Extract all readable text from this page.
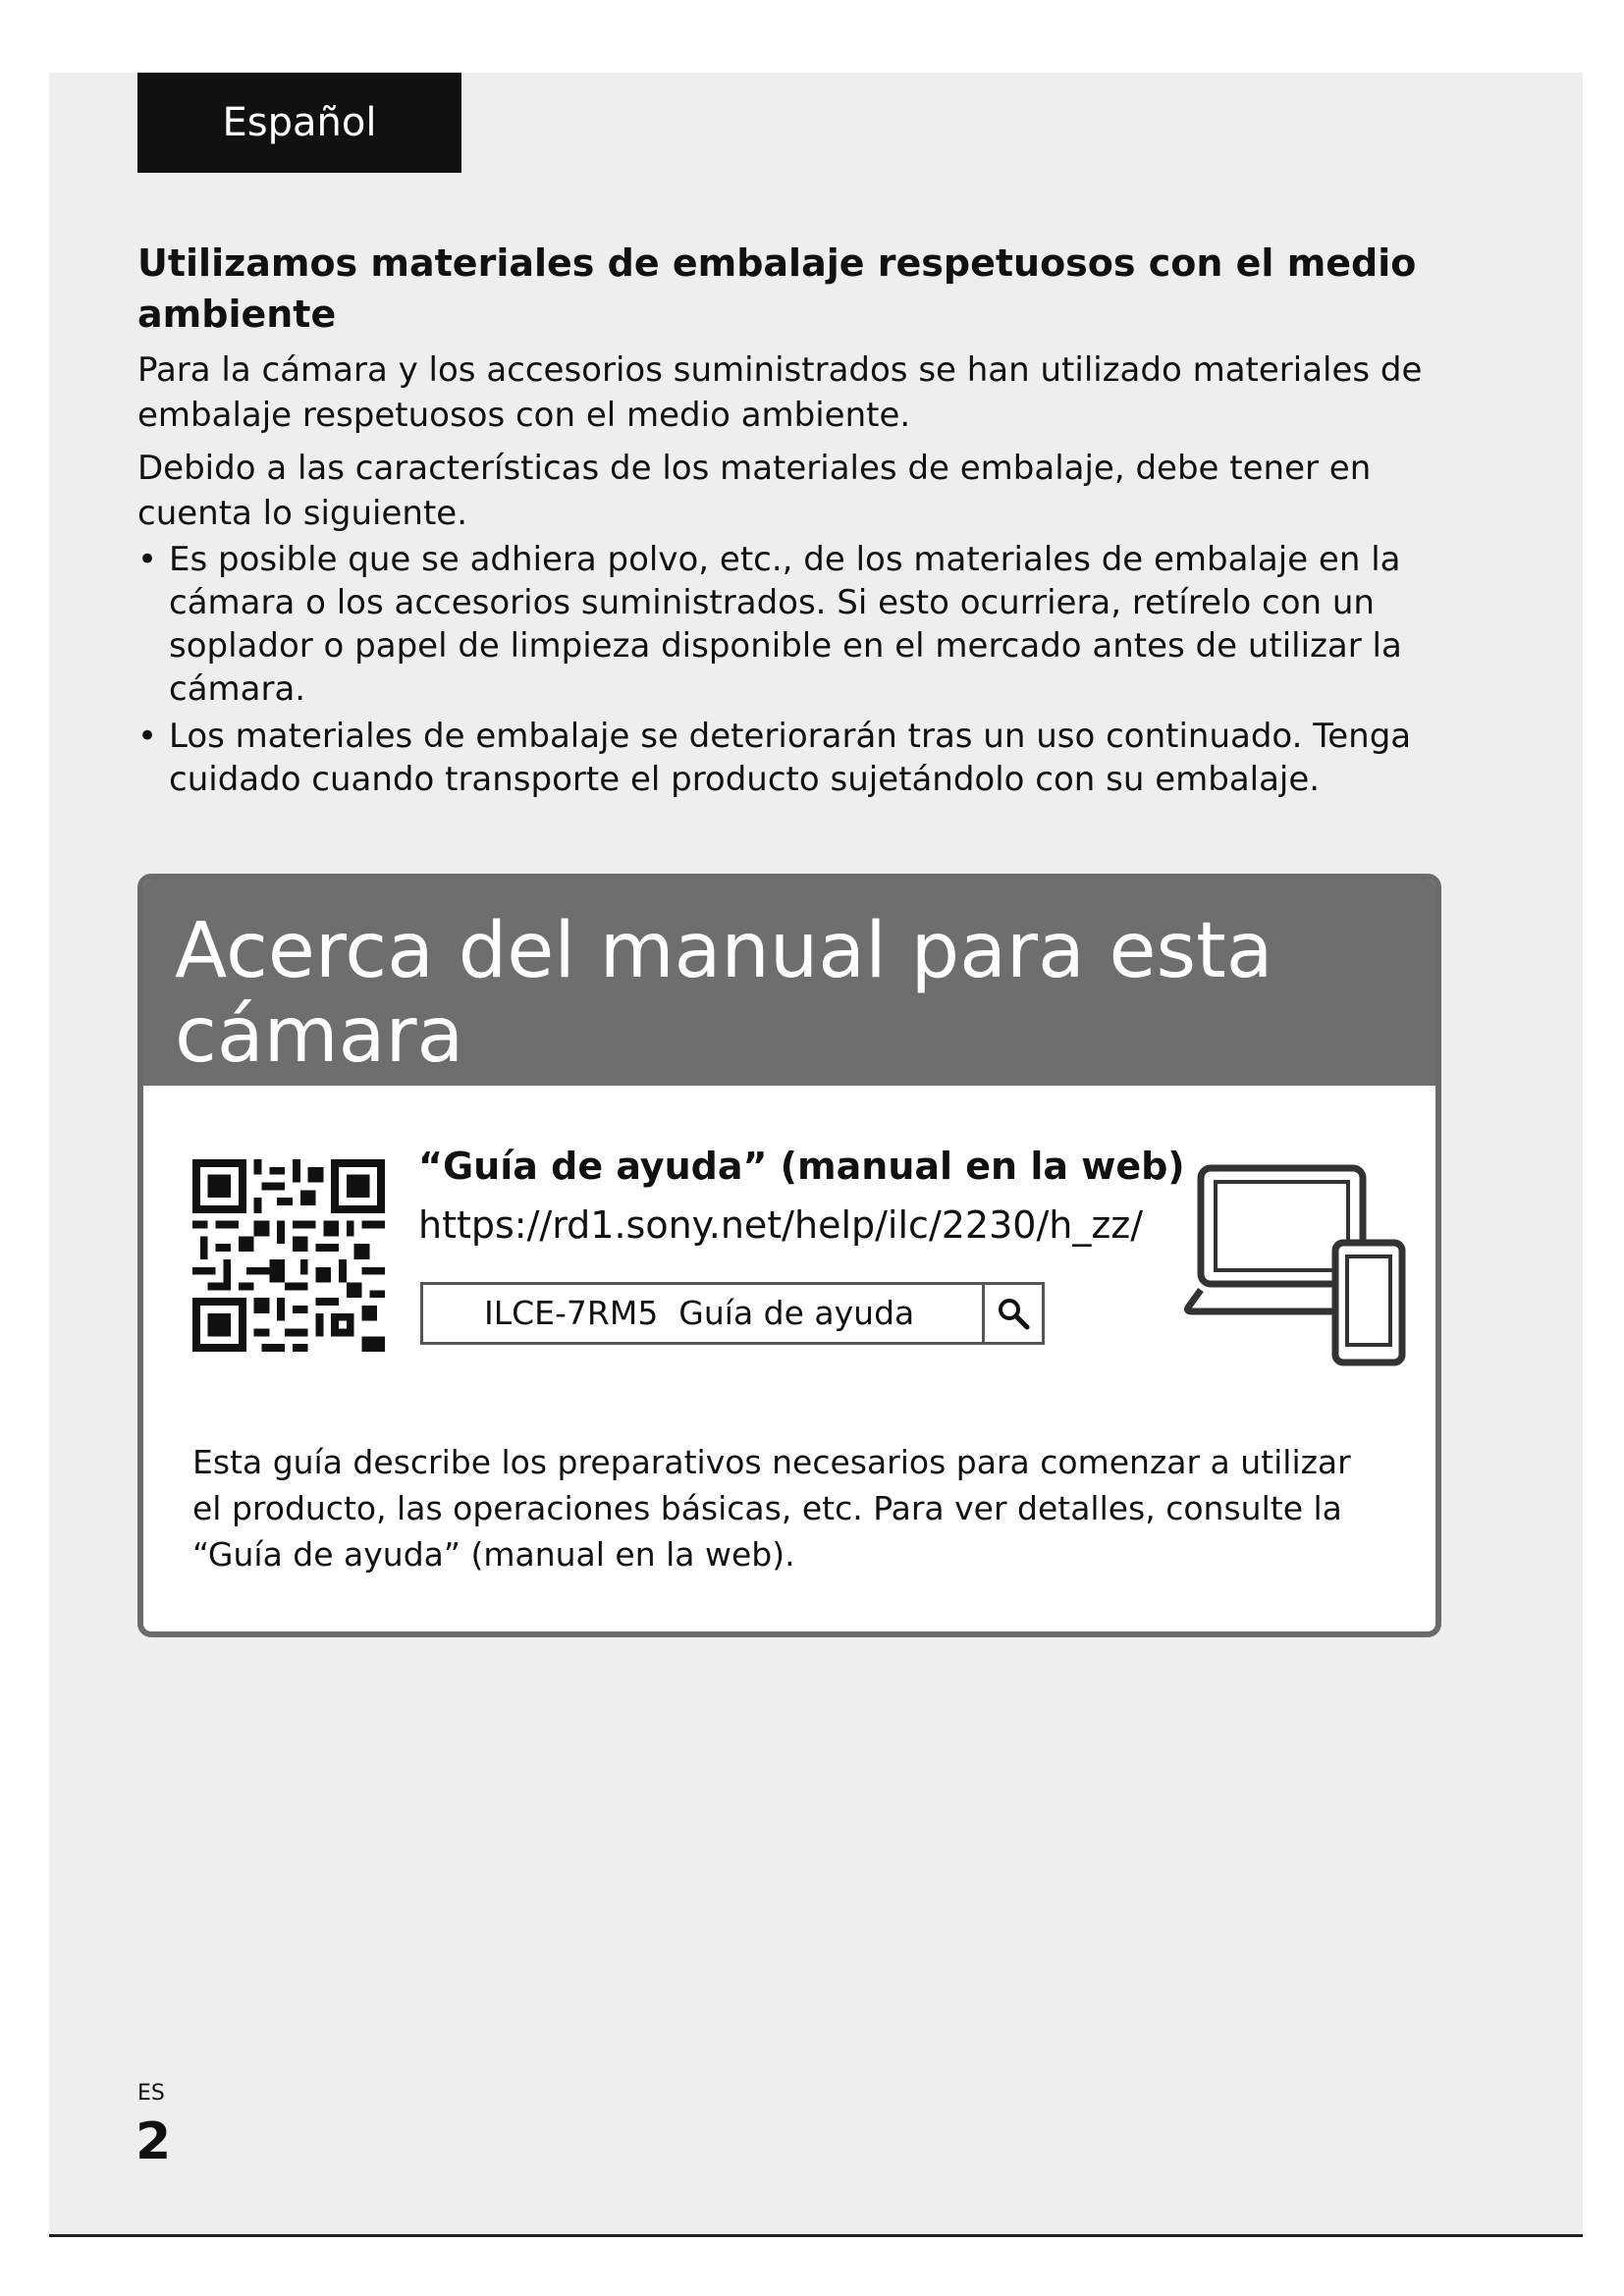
Español
Utilizamos materiales de embalaje respetuosos con el medio ambiente

Para la cámara y los accesorios suministrados se han utilizado materiales de embalaje respetuosos con el medio ambiente.

Debido a las características de los materiales de embalaje, debe tener en cuenta lo siguiente.

• Es posible que se adhiera polvo, etc., de los materiales de embalaje en la cámara o los accesorios suministrados. Si esto ocurriera, retírelo con un soplador o papel de limpieza disponible en el mercado antes de utilizar la cámara.
• Los materiales de embalaje se deteriorarán tras un uso continuado. Tenga cuidado cuando transporte el producto sujetándolo con su embalaje.
Acerca del manual para esta cámara
“Guía de ayuda” (manual en la web)
https://rd1.sony.net/help/ilc/2230/h_zz/
ILCE-7RM5  Guía de ayuda

Esta guía describe los preparativos necesarios para comenzar a utilizar el producto, las operaciones básicas, etc. Para ver detalles, consulte la “Guía de ayuda” (manual en la web).

ES
2
